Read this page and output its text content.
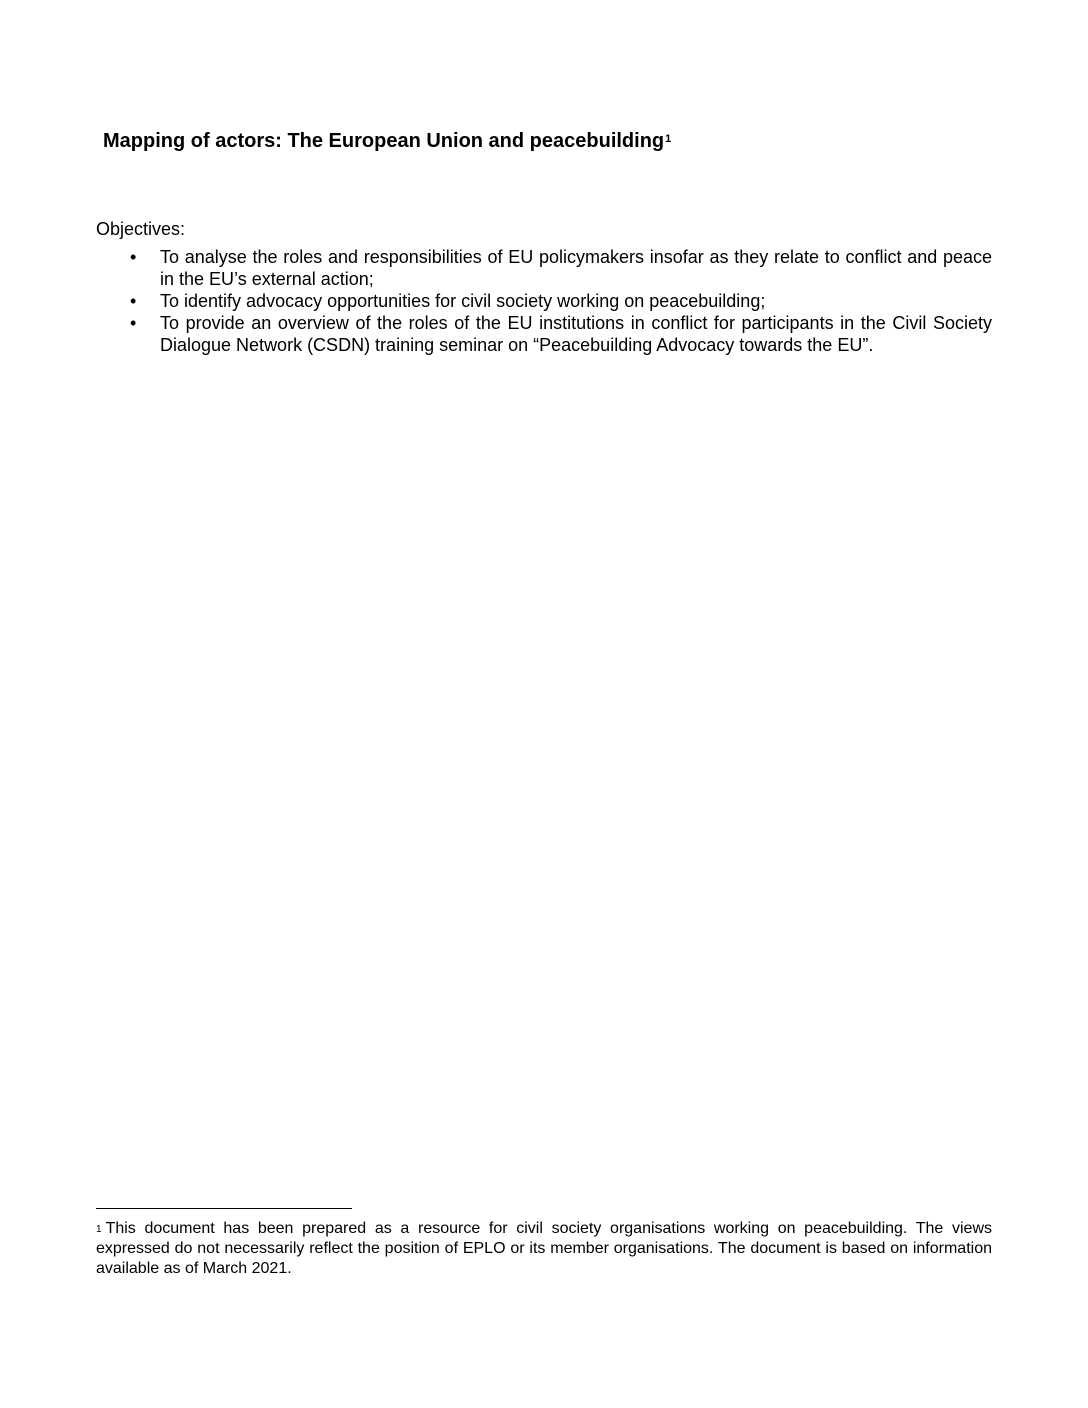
Mapping of actors: The European Union and peacebuilding$^1$
Objectives:
• To analyse the roles and responsibilities of EU policymakers insofar as they relate to conflict and peace in the EU’s external action;
• To identify advocacy opportunities for civil society working on peacebuilding;
• To provide an overview of the roles of the EU institutions in conflict for participants in the Civil Society Dialogue Network (CSDN) training seminar on “Peacebuilding Advocacy towards the EU”.
$^1$ This document has been prepared as a resource for civil society organisations working on peacebuilding. The views expressed do not necessarily reflect the position of EPLO or its member organisations. The document is based on information available as of March 2021.
